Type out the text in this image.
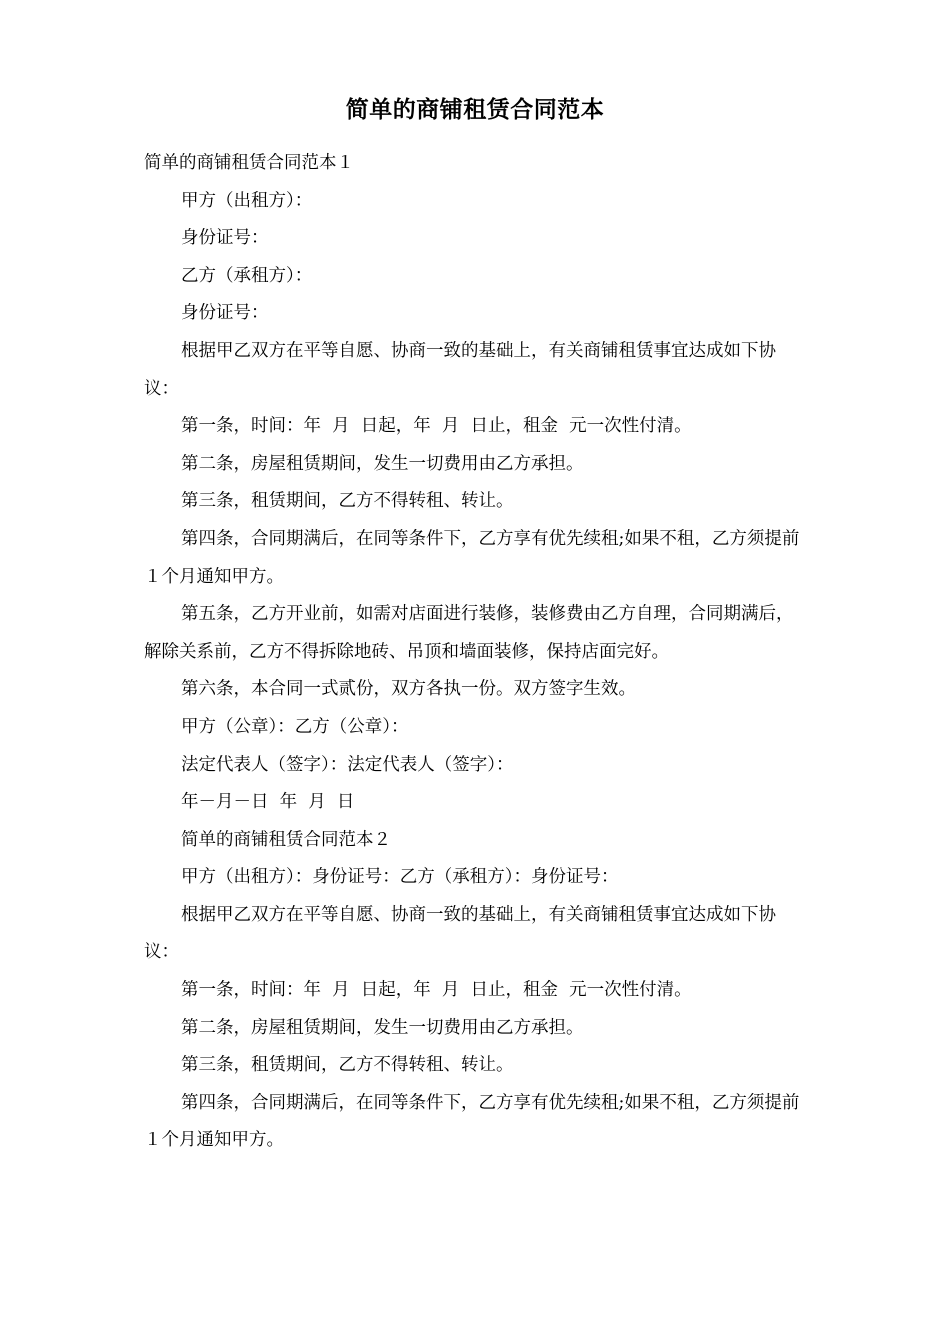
简单的商铺租赁合同范本

简单的商铺租赁合同范本１

甲方（出租方）：

身份证号：

乙方（承租方）：

身份证号：

根据甲乙双方在平等自愿、协商一致的基础上，有关商铺租赁事宜达成如下协议：

第一条，时间：年  月  日起，年  月  日止，租金  元一次性付清。

第二条，房屋租赁期间，发生一切费用由乙方承担。

第三条，租赁期间，乙方不得转租、转让。

第四条，合同期满后，在同等条件下，乙方享有优先续租;如果不租，乙方须提前１个月通知甲方。

第五条，乙方开业前，如需对店面进行装修，装修费由乙方自理，合同期满后，解除关系前，乙方不得拆除地砖、吊顶和墙面装修，保持店面完好。

第六条，本合同一式贰份，双方各执一份。双方签字生效。

甲方（公章）：乙方（公章）：

法定代表人（签字）：法定代表人（签字）：

年－月－日  年  月  日

简单的商铺租赁合同范本２

甲方（出租方）：身份证号：乙方（承租方）：身份证号：

根据甲乙双方在平等自愿、协商一致的基础上，有关商铺租赁事宜达成如下协议：

第一条，时间：年  月  日起，年  月  日止，租金  元一次性付清。

第二条，房屋租赁期间，发生一切费用由乙方承担。

第三条，租赁期间，乙方不得转租、转让。

第四条，合同期满后，在同等条件下，乙方享有优先续租;如果不租，乙方须提前１个月通知甲方。
